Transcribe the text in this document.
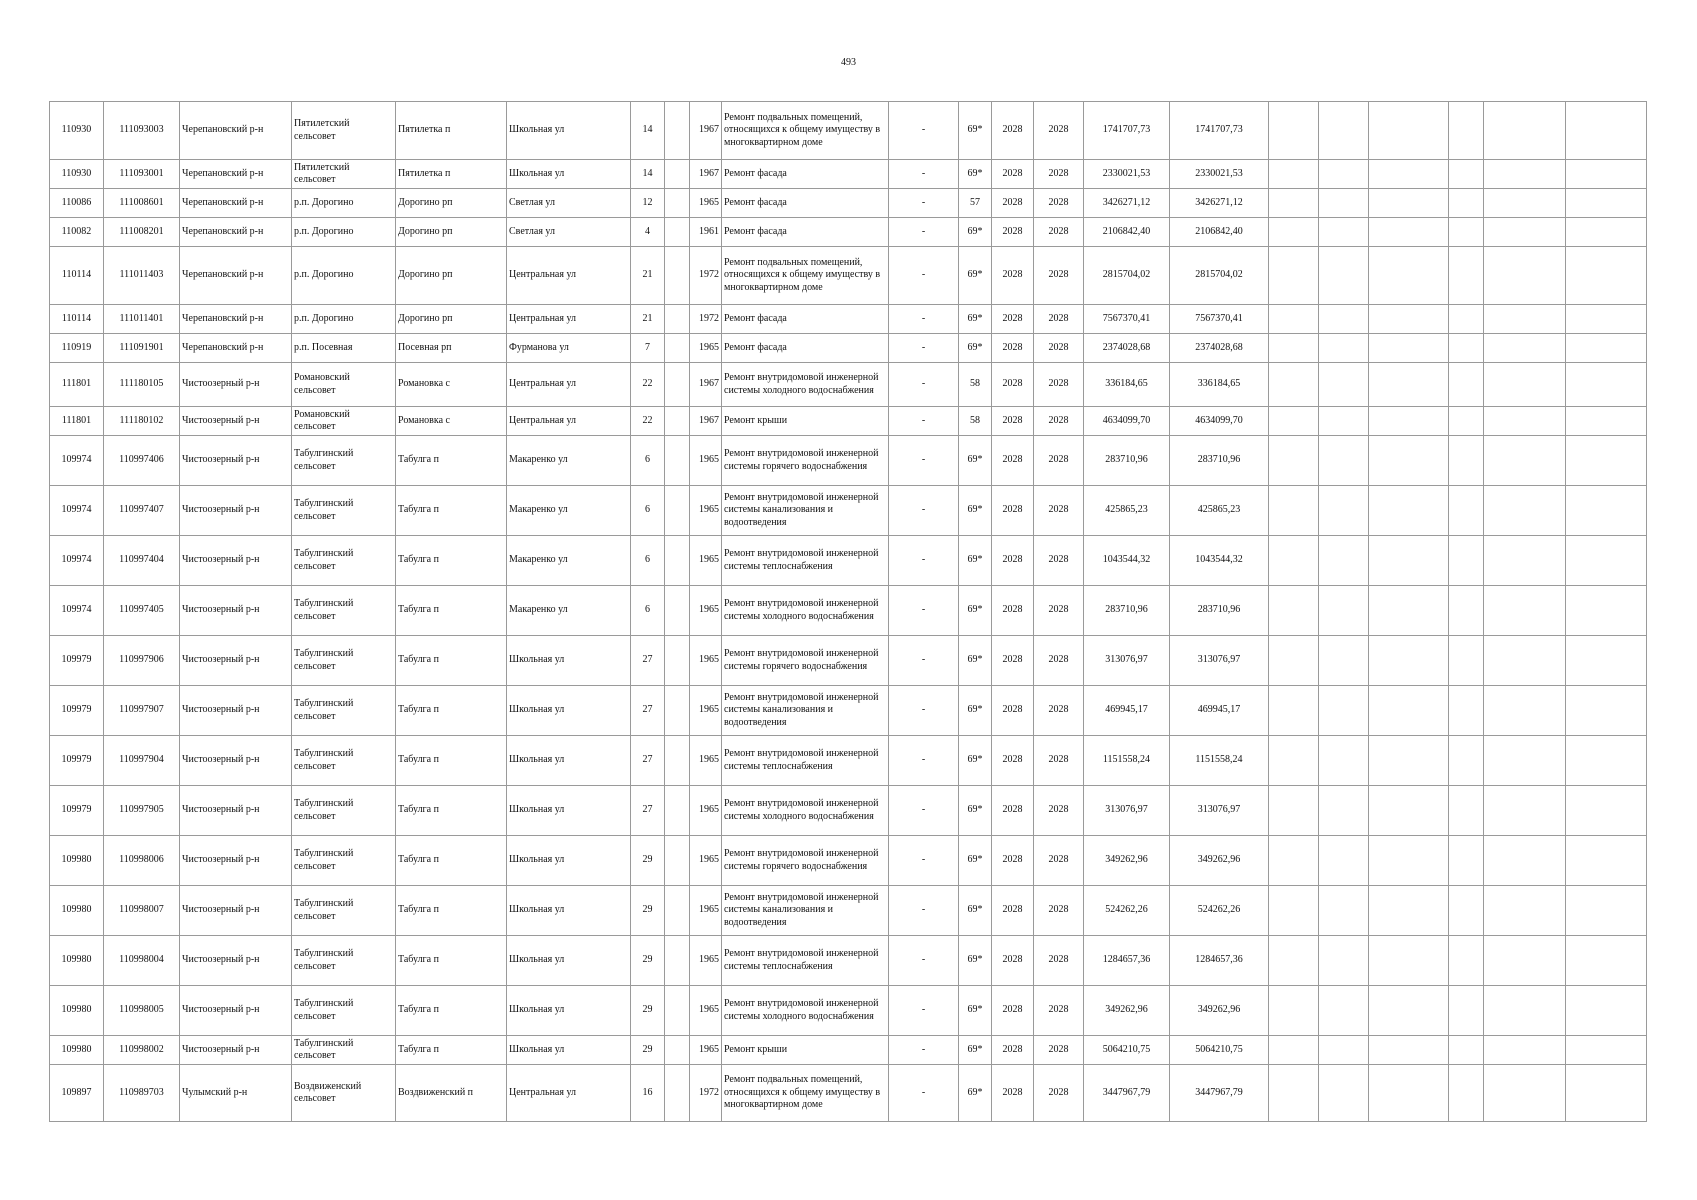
493
110930	111093003	Черепановский р-н	Пятилетский сельсовет	Пятилетка п	Школьная ул	14		1967	Ремонт подвальных помещений, относящихся к общему имуществу в многоквартирном доме	-	69*	2028	2028	1741707,73	1741707,73						
110930	111093001	Черепановский р-н	Пятилетский сельсовет	Пятилетка п	Школьная ул	14		1967	Ремонт фасада	-	69*	2028	2028	2330021,53	2330021,53						
110086	111008601	Черепановский р-н	р.п. Дорогино	Дорогино рп	Светлая ул	12		1965	Ремонт фасада	-	57	2028	2028	3426271,12	3426271,12						
110082	111008201	Черепановский р-н	р.п. Дорогино	Дорогино рп	Светлая ул	4		1961	Ремонт фасада	-	69*	2028	2028	2106842,40	2106842,40						
110114	111011403	Черепановский р-н	р.п. Дорогино	Дорогино рп	Центральная ул	21		1972	Ремонт подвальных помещений, относящихся к общему имуществу в многоквартирном доме	-	69*	2028	2028	2815704,02	2815704,02						
110114	111011401	Черепановский р-н	р.п. Дорогино	Дорогино рп	Центральная ул	21		1972	Ремонт фасада	-	69*	2028	2028	7567370,41	7567370,41						
110919	111091901	Черепановский р-н	р.п. Посевная	Посевная рп	Фурманова ул	7		1965	Ремонт фасада	-	69*	2028	2028	2374028,68	2374028,68						
111801	111180105	Чистоозерный р-н	Романовский сельсовет	Романовка с	Центральная ул	22		1967	Ремонт внутридомовой инженерной системы холодного водоснабжения	-	58	2028	2028	336184,65	336184,65						
111801	111180102	Чистоозерный р-н	Романовский сельсовет	Романовка с	Центральная ул	22		1967	Ремонт крыши	-	58	2028	2028	4634099,70	4634099,70						
109974	110997406	Чистоозерный р-н	Табулгинский сельсовет	Табулга п	Макаренко ул	6		1965	Ремонт внутридомовой инженерной системы горячего водоснабжения	-	69*	2028	2028	283710,96	283710,96						
109974	110997407	Чистоозерный р-н	Табулгинский сельсовет	Табулга п	Макаренко ул	6		1965	Ремонт внутридомовой инженерной системы канализования и водоотведения	-	69*	2028	2028	425865,23	425865,23						
109974	110997404	Чистоозерный р-н	Табулгинский сельсовет	Табулга п	Макаренко ул	6		1965	Ремонт внутридомовой инженерной системы теплоснабжения	-	69*	2028	2028	1043544,32	1043544,32						
109974	110997405	Чистоозерный р-н	Табулгинский сельсовет	Табулга п	Макаренко ул	6		1965	Ремонт внутридомовой инженерной системы холодного водоснабжения	-	69*	2028	2028	283710,96	283710,96						
109979	110997906	Чистоозерный р-н	Табулгинский сельсовет	Табулга п	Школьная ул	27		1965	Ремонт внутридомовой инженерной системы горячего водоснабжения	-	69*	2028	2028	313076,97	313076,97						
109979	110997907	Чистоозерный р-н	Табулгинский сельсовет	Табулга п	Школьная ул	27		1965	Ремонт внутридомовой инженерной системы канализования и водоотведения	-	69*	2028	2028	469945,17	469945,17						
109979	110997904	Чистоозерный р-н	Табулгинский сельсовет	Табулга п	Школьная ул	27		1965	Ремонт внутридомовой инженерной системы теплоснабжения	-	69*	2028	2028	1151558,24	1151558,24						
109979	110997905	Чистоозерный р-н	Табулгинский сельсовет	Табулга п	Школьная ул	27		1965	Ремонт внутридомовой инженерной системы холодного водоснабжения	-	69*	2028	2028	313076,97	313076,97						
109980	110998006	Чистоозерный р-н	Табулгинский сельсовет	Табулга п	Школьная ул	29		1965	Ремонт внутридомовой инженерной системы горячего водоснабжения	-	69*	2028	2028	349262,96	349262,96						
109980	110998007	Чистоозерный р-н	Табулгинский сельсовет	Табулга п	Школьная ул	29		1965	Ремонт внутридомовой инженерной системы канализования и водоотведения	-	69*	2028	2028	524262,26	524262,26						
109980	110998004	Чистоозерный р-н	Табулгинский сельсовет	Табулга п	Школьная ул	29		1965	Ремонт внутридомовой инженерной системы теплоснабжения	-	69*	2028	2028	1284657,36	1284657,36						
109980	110998005	Чистоозерный р-н	Табулгинский сельсовет	Табулга п	Школьная ул	29		1965	Ремонт внутридомовой инженерной системы холодного водоснабжения	-	69*	2028	2028	349262,96	349262,96						
109980	110998002	Чистоозерный р-н	Табулгинский сельсовет	Табулга п	Школьная ул	29		1965	Ремонт крыши	-	69*	2028	2028	5064210,75	5064210,75						
109897	110989703	Чулымский р-н	Воздвиженский сельсовет	Воздвиженский п	Центральная ул	16		1972	Ремонт подвальных помещений, относящихся к общему имуществу в многоквартирном доме	-	69*	2028	2028	3447967,79	3447967,79						
